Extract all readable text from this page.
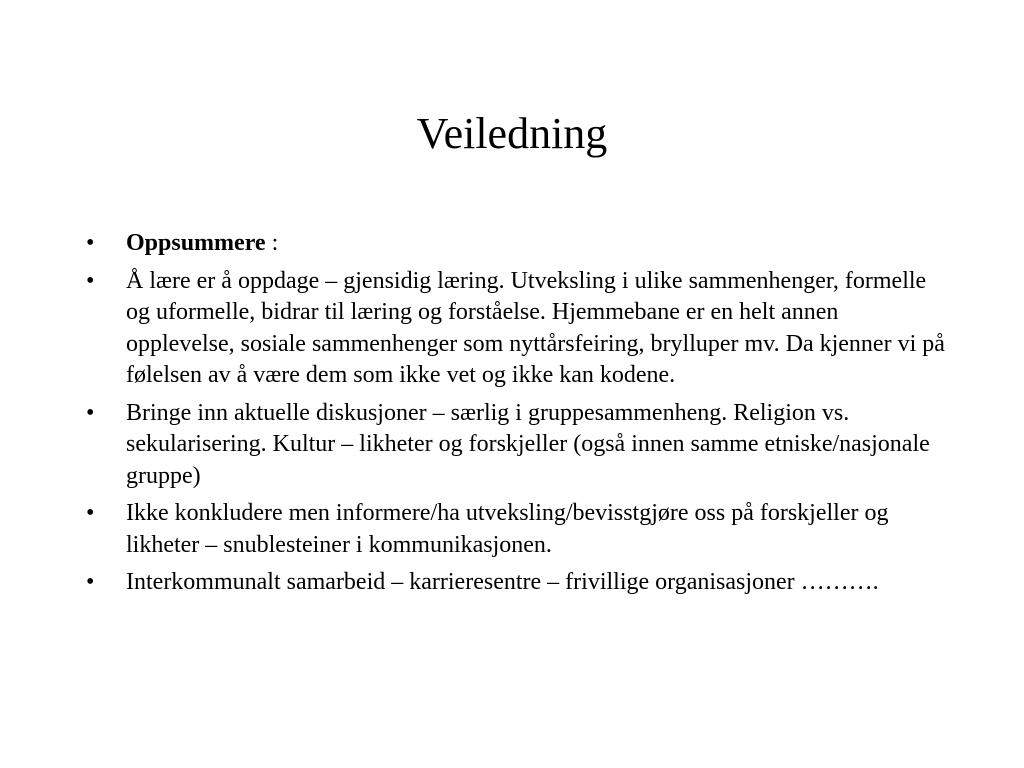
Veiledning
•	Oppsummere :
•	Å lære er å oppdage – gjensidig læring. Utveksling i ulike sammenhenger, formelle og uformelle, bidrar til læring og forståelse. Hjemmebane er en helt annen opplevelse, sosiale sammenhenger som nyttårsfeiring, brylluper mv. Da kjenner vi på følelsen av å være dem som ikke vet og ikke kan kodene.
•	Bringe inn aktuelle diskusjoner – særlig i gruppesammenheng. Religion vs. sekularisering. Kultur – likheter og forskjeller (også innen samme etniske/nasjonale gruppe)
•	Ikke konkludere men informere/ha utveksling/bevisstgjøre oss på forskjeller og likheter – snublesteiner i kommunikasjonen.
•	Interkommunalt samarbeid – karrieresentre – frivillige organisasjoner ……….
